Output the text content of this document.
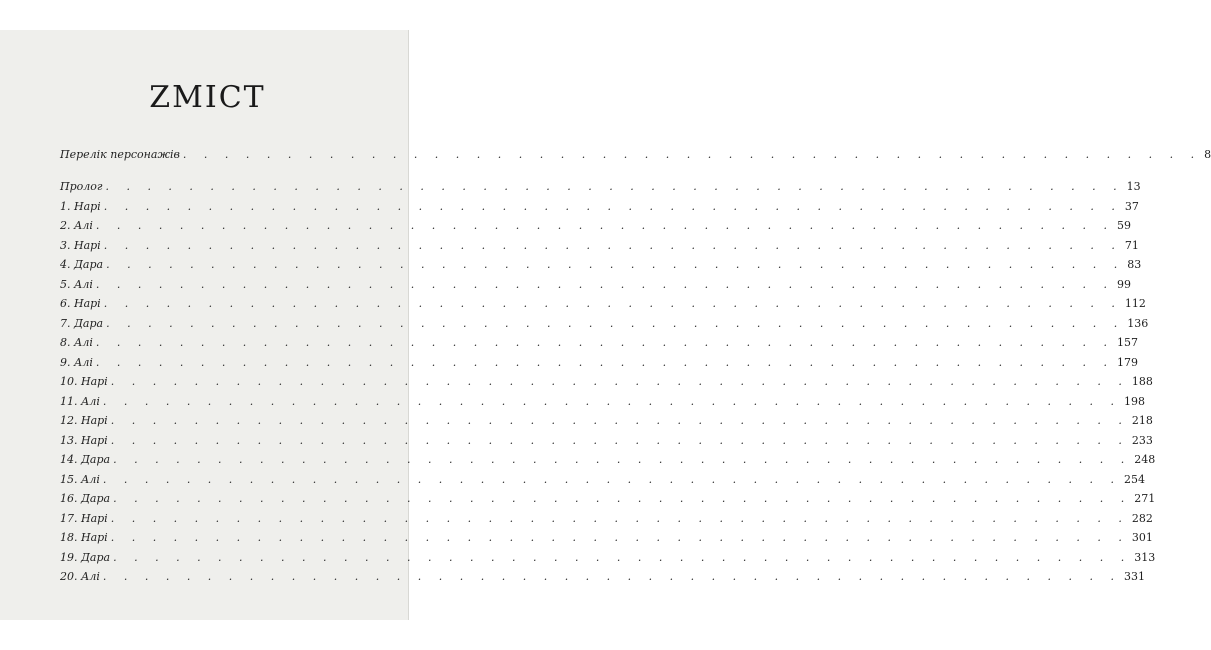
ZМІСТ
Перелік персонажів . . . . . . . . . . . . . . . . . . . . . . . . . . . . . . . . . . . . . . . . . . . . . . . . . 8
Пролог . . . . . . . . . . . . . . . . . . . . . . . . . . . . . . . . . . . . . . . . . . . . . . . . . 13
1. Нарі . . . . . . . . . . . . . . . . . . . . . . . . . . . . . . . . . . . . . . . . . . . . . . . . . 37
2. Алі . . . . . . . . . . . . . . . . . . . . . . . . . . . . . . . . . . . . . . . . . . . . . . . . . 59
3. Нарі . . . . . . . . . . . . . . . . . . . . . . . . . . . . . . . . . . . . . . . . . . . . . . . . . 71
4. Дара . . . . . . . . . . . . . . . . . . . . . . . . . . . . . . . . . . . . . . . . . . . . . . . . . 83
5. Алі . . . . . . . . . . . . . . . . . . . . . . . . . . . . . . . . . . . . . . . . . . . . . . . . . 99
6. Нарі . . . . . . . . . . . . . . . . . . . . . . . . . . . . . . . . . . . . . . . . . . . . . . . . . 112
7. Дара . . . . . . . . . . . . . . . . . . . . . . . . . . . . . . . . . . . . . . . . . . . . . . . . . 136
8. Алі . . . . . . . . . . . . . . . . . . . . . . . . . . . . . . . . . . . . . . . . . . . . . . . . . 157
9. Алі . . . . . . . . . . . . . . . . . . . . . . . . . . . . . . . . . . . . . . . . . . . . . . . . . 179
10. Нарі . . . . . . . . . . . . . . . . . . . . . . . . . . . . . . . . . . . . . . . . . . . . . . . . . 188
11. Алі . . . . . . . . . . . . . . . . . . . . . . . . . . . . . . . . . . . . . . . . . . . . . . . . . 198
12. Нарі . . . . . . . . . . . . . . . . . . . . . . . . . . . . . . . . . . . . . . . . . . . . . . . . . 218
13. Нарі . . . . . . . . . . . . . . . . . . . . . . . . . . . . . . . . . . . . . . . . . . . . . . . . . 233
14. Дара . . . . . . . . . . . . . . . . . . . . . . . . . . . . . . . . . . . . . . . . . . . . . . . . . 248
15. Алі . . . . . . . . . . . . . . . . . . . . . . . . . . . . . . . . . . . . . . . . . . . . . . . . . 254
16. Дара . . . . . . . . . . . . . . . . . . . . . . . . . . . . . . . . . . . . . . . . . . . . . . . . . 271
17. Нарі . . . . . . . . . . . . . . . . . . . . . . . . . . . . . . . . . . . . . . . . . . . . . . . . . 282
18. Нарі . . . . . . . . . . . . . . . . . . . . . . . . . . . . . . . . . . . . . . . . . . . . . . . . . 301
19. Дара . . . . . . . . . . . . . . . . . . . . . . . . . . . . . . . . . . . . . . . . . . . . . . . . . 313
20. Алі . . . . . . . . . . . . . . . . . . . . . . . . . . . . . . . . . . . . . . . . . . . . . . . . . 331
